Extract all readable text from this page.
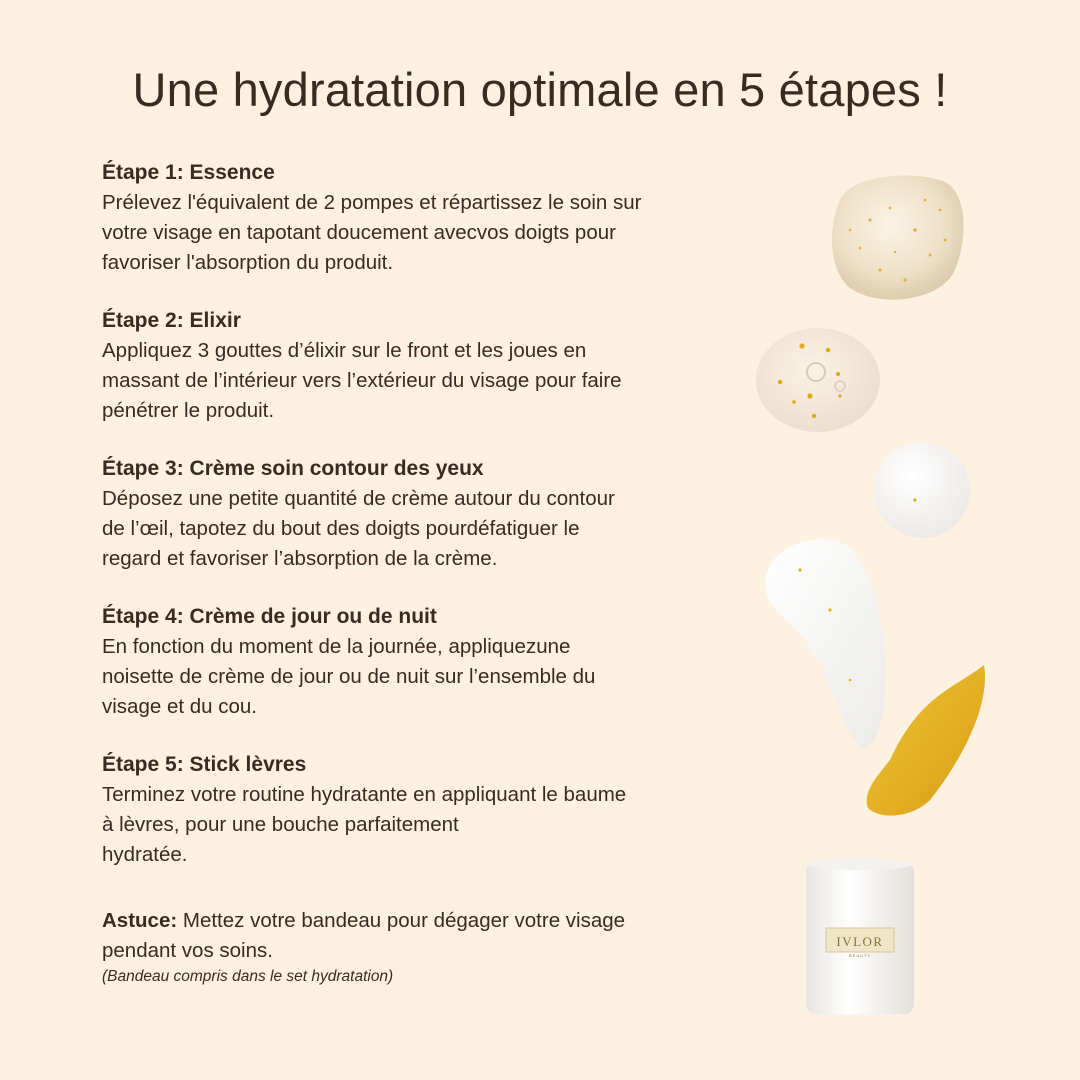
Une hydratation optimale en 5 étapes !
Étape 1: Essence
Prélevez l'équivalent de 2 pompes et répartissez le soin sur
votre visage en tapotant doucement avecvos doigts pour
favoriser l'absorption du produit.
Étape 2: Elixir
Appliquez 3 gouttes d’élixir sur le front et les joues en
massant de l’intérieur vers l’extérieur du visage pour faire
pénétrer le produit.
Étape 3: Crème soin contour des yeux
Déposez une petite quantité de crème autour du contour
de l’œil, tapotez du bout des doigts pourdéfatiguer le
regard et favoriser l’absorption de la crème.
Étape 4: Crème de jour ou de nuit
En fonction du moment de la journée, appliquezune
noisette de crème de jour ou de nuit sur l’ensemble du
visage et du cou.
Étape 5: Stick lèvres
Terminez votre routine hydratante en appliquant le baume
à lèvres, pour une bouche parfaitement
hydratée.
Astuce: Mettez votre bandeau pour dégager votre visage
pendant vos soins.
(Bandeau compris dans le set hydratation)
IVLOR
BEAUTY
